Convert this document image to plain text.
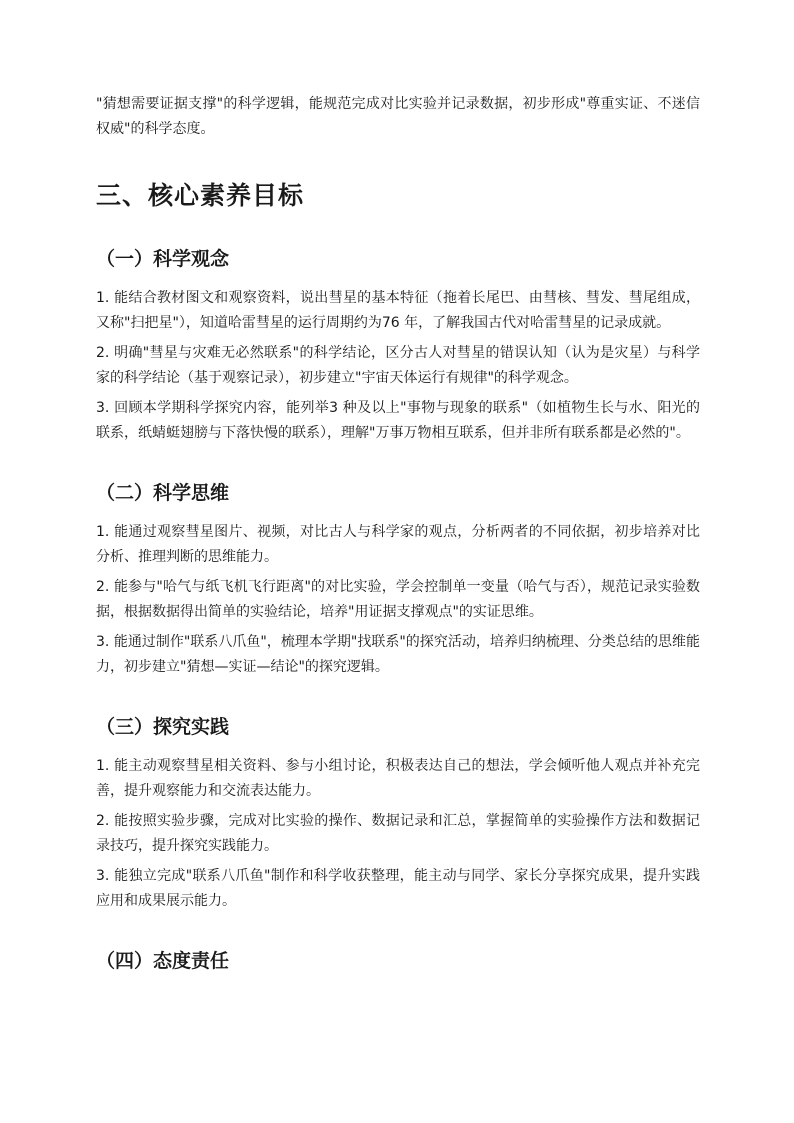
"猜想需要证据支撑"的科学逻辑，能规范完成对比实验并记录数据，初步形成"尊重实证、不迷信权威"的科学态度。

三、核心素养目标
（一）科学观念

1. 能结合教材图文和观察资料，说出彗星的基本特征（拖着长尾巴、由彗核、彗发、彗尾组成，又称"扫把星"），知道哈雷彗星的运行周期约为76 年，了解我国古代对哈雷彗星的记录成就。

2. 明确"彗星与灾难无必然联系"的科学结论，区分古人对彗星的错误认知（认为是灾星）与科学家的科学结论（基于观察记录），初步建立"宇宙天体运行有规律"的科学观念。

3. 回顾本学期科学探究内容，能列举3 种及以上"事物与现象的联系"（如植物生长与水、阳光的联系，纸蜻蜓翅膀与下落快慢的联系），理解"万事万物相互联系，但并非所有联系都是必然的"。

（二）科学思维

1. 能通过观察彗星图片、视频，对比古人与科学家的观点，分析两者的不同依据，初步培养对比分析、推理判断的思维能力。

2. 能参与"哈气与纸飞机飞行距离"的对比实验，学会控制单一变量（哈气与否），规范记录实验数据，根据数据得出简单的实验结论，培养"用证据支撑观点"的实证思维。

3. 能通过制作"联系八爪鱼"，梳理本学期"找联系"的探究活动，培养归纳梳理、分类总结的思维能力，初步建立"猜想—实证—结论"的探究逻辑。

（三）探究实践

1. 能主动观察彗星相关资料、参与小组讨论，积极表达自己的想法，学会倾听他人观点并补充完善，提升观察能力和交流表达能力。

2. 能按照实验步骤，完成对比实验的操作、数据记录和汇总，掌握简单的实验操作方法和数据记录技巧，提升探究实践能力。

3. 能独立完成"联系八爪鱼"制作和科学收获整理，能主动与同学、家长分享探究成果，提升实践应用和成果展示能力。

（四）态度责任
